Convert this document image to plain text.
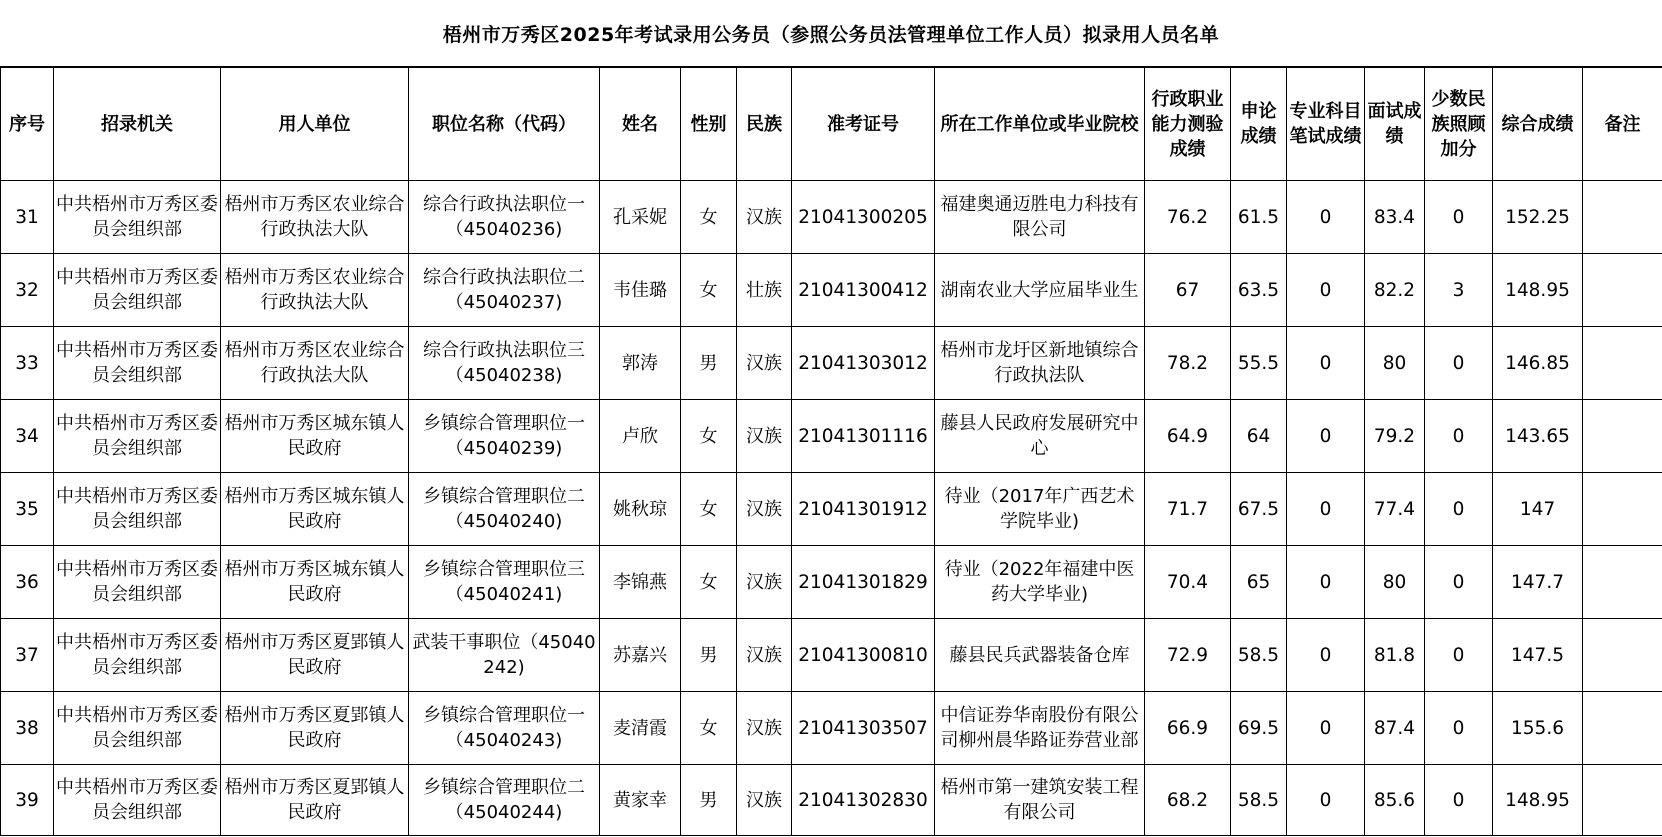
梧州市万秀区2025年考试录用公务员（参照公务员法管理单位工作人员）拟录用人员名单
序号	招录机关	用人单位	职位名称（代码）	姓名	性别	民族	准考证号	所在工作单位或毕业院校	行政职业能力测验成绩	申论成绩	专业科目笔试成绩	面试成绩	少数民族照顾加分	综合成绩	备注
31	中共梧州市万秀区委员会组织部	梧州市万秀区农业综合行政执法大队	综合行政执法职位一（45040236)	孔采妮	女	汉族	21041300205	福建奥通迈胜电力科技有限公司	76.2	61.5	0	83.4	0	152.25	
32	中共梧州市万秀区委员会组织部	梧州市万秀区农业综合行政执法大队	综合行政执法职位二（45040237)	韦佳璐	女	壮族	21041300412	湖南农业大学应届毕业生	67	63.5	0	82.2	3	148.95	
33	中共梧州市万秀区委员会组织部	梧州市万秀区农业综合行政执法大队	综合行政执法职位三（45040238)	郭涛	男	汉族	21041303012	梧州市龙圩区新地镇综合行政执法队	78.2	55.5	0	80	0	146.85	
34	中共梧州市万秀区委员会组织部	梧州市万秀区城东镇人民政府	乡镇综合管理职位一（45040239)	卢欣	女	汉族	21041301116	藤县人民政府发展研究中心	64.9	64	0	79.2	0	143.65	
35	中共梧州市万秀区委员会组织部	梧州市万秀区城东镇人民政府	乡镇综合管理职位二（45040240)	姚秋琼	女	汉族	21041301912	待业（2017年广西艺术学院毕业)	71.7	67.5	0	77.4	0	147	
36	中共梧州市万秀区委员会组织部	梧州市万秀区城东镇人民政府	乡镇综合管理职位三（45040241)	李锦燕	女	汉族	21041301829	待业（2022年福建中医药大学毕业)	70.4	65	0	80	0	147.7	
37	中共梧州市万秀区委员会组织部	梧州市万秀区夏郢镇人民政府	武装干事职位（45040242)	苏嘉兴	男	汉族	21041300810	藤县民兵武器装备仓库	72.9	58.5	0	81.8	0	147.5	
38	中共梧州市万秀区委员会组织部	梧州市万秀区夏郢镇人民政府	乡镇综合管理职位一（45040243)	麦清霞	女	汉族	21041303507	中信证券华南股份有限公司柳州晨华路证券营业部	66.9	69.5	0	87.4	0	155.6	
39	中共梧州市万秀区委员会组织部	梧州市万秀区夏郢镇人民政府	乡镇综合管理职位二（45040244)	黄家幸	男	汉族	21041302830	梧州市第一建筑安装工程有限公司	68.2	58.5	0	85.6	0	148.95	
